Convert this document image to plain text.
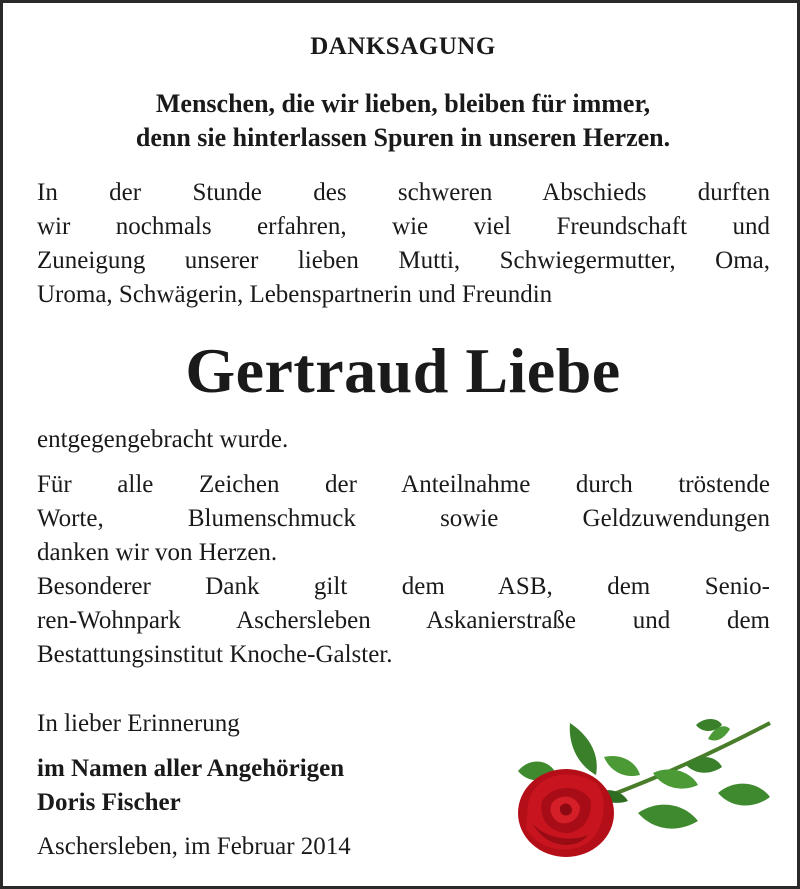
DANKSAGUNG
Menschen, die wir lieben, bleiben für immer,
denn sie hinterlassen Spuren in unseren Herzen.
In der Stunde des schweren Abschieds durften
wir nochmals erfahren, wie viel Freundschaft und
Zuneigung unserer lieben Mutti, Schwiegermutter, Oma,
Uroma, Schwägerin, Lebenspartnerin und Freundin
Gertraud Liebe
entgegengebracht wurde.
Für alle Zeichen der Anteilnahme durch tröstende
Worte, Blumenschmuck sowie Geldzuwendungen
danken wir von Herzen.
Besonderer Dank gilt dem ASB, dem Senio-
ren-Wohnpark Aschersleben Askanierstraße und dem
Bestattungsinstitut Knoche-Galster.
In lieber Erinnerung
im Namen aller Angehörigen
Doris Fischer
Aschersleben, im Februar 2014
